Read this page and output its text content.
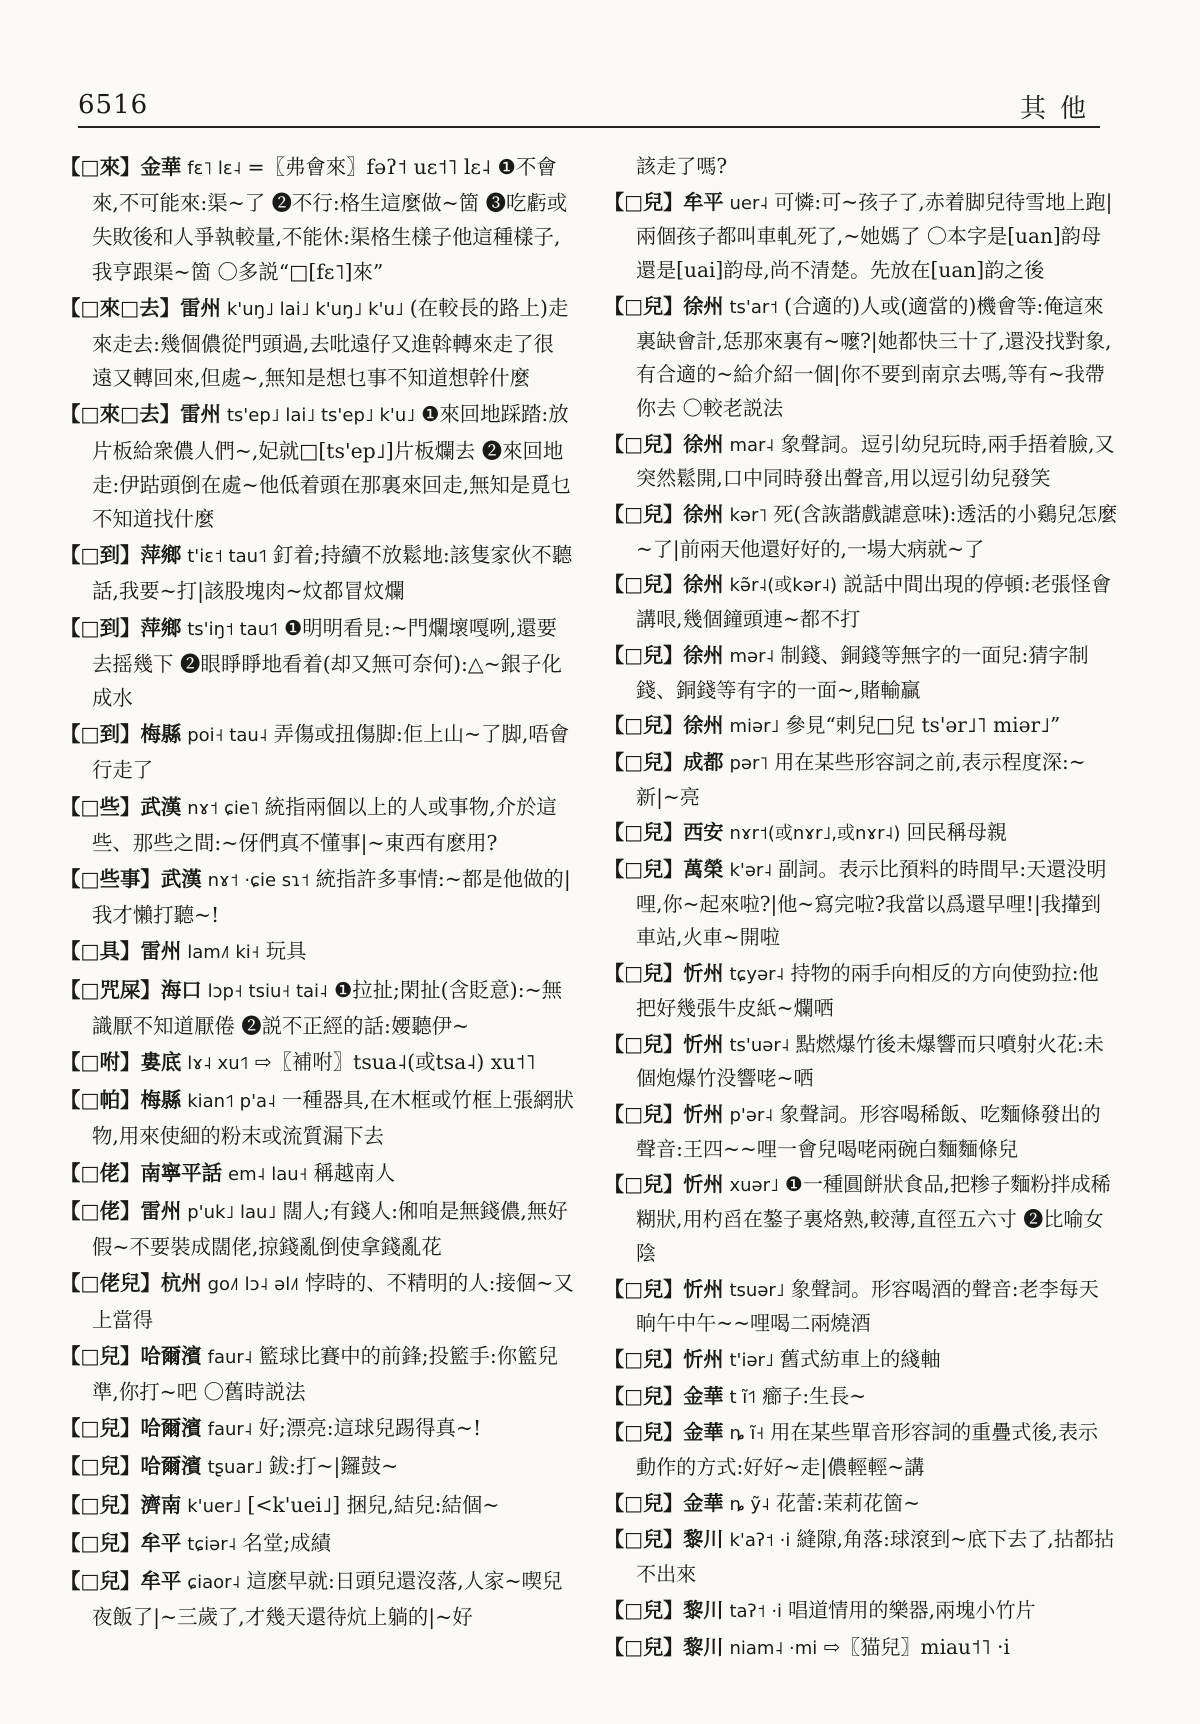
6516	其他

【□來】金華 fɛ˥ lɛ˨ =〖弗會來〗fəʔ˦ uɛ˦˥ lɛ˨ ❶不會來,不可能來:渠~了 ❷不行:格生這麼做~箇 ❸吃虧或失敗後和人爭執較量,不能休:渠格生樣子他這種樣子,我亨跟渠~箇 〇多説“□[fɛ˥]來”

【□來□去】雷州 k'uŋ˩ lai˩ k'uŋ˩ k'u˩ (在較長的路上)走來走去:幾個儂從門頭過,去吡遠仔又進斡轉來走了很遠又轉回來,但處~,無知是想乜事不知道想幹什麼

【□來□去】雷州 ts'ep˩ lai˩ ts'ep˩ k'u˩ ❶來回地踩踏:放片板給衆儂人們~,妃就□[ts'ep˩]片板爛去 ❷來回地走:伊跍頭倒在處~他低着頭在那裏來回走,無知是覓乜不知道找什麼

【□到】萍鄉 t'iɛ˦ tau˦˥ 釘着;持續不放鬆地:該隻家伙不聽話,我要~打|該股塊肉~炆都冒炆爛

【□到】萍鄉 ts'iŋ˦ tau˦˥ ❶明明看見:~門爛壞嘎咧,還要去摇幾下 ❷眼睜睜地看着(却又無可奈何):△~銀子化成水

【□到】梅縣 poi˧ tau˨ 弄傷或扭傷脚:佢上山~了脚,唔會行走了

【□些】武漢 nɤ˦ ɕie˥ 統指兩個以上的人或事物,介於這些、那些之間:~伢們真不懂事|~東西有麽用?

【□些事】武漢 nɤ˦ ·ɕie sɿ˦ 統指許多事情:~都是他做的|我才懶打聽~!

【□具】雷州 lam˩˥ ki˧ 玩具

【□咒屎】海口 lɔp˧ tsiu˧ tai˨ ❶拉扯;閑扯(含貶意):~無識厭不知道厭倦 ❷説不正經的話:婹聽伊~

【□咐】婁底 lɤ˨ xu˦˥ ⇨〖補咐〗tsua˨(或tsa˨) xu˦˥

【□帕】梅縣 kian˦˥ p'a˨ 一種器具,在木框或竹框上張網狀物,用來使細的粉末或流質漏下去

【□佬】南寧平話 em˨ lau˧ 稱越南人

【□佬】雷州 p'uk˩ lau˩ 闊人;有錢人:俰咱是無錢儂,無好假~不要裝成闊佬,掠錢亂倒使拿錢亂花

【□佬兒】杭州 go˩˥ lɔ˨ əl˩˥ 悖時的、不精明的人:接個~又上當得

【□兒】哈爾濱 faur˨ 籃球比賽中的前鋒;投籃手:你籃兒準,你打~吧 〇舊時説法

【□兒】哈爾濱 faur˨ 好;漂亮:這球兒踢得真~!

【□兒】哈爾濱 tʂuar˩ 鈸:打~|鑼鼓~

【□兒】濟南 k'uer˩ [<k'uei˩] 捆兒,結兒:結個~

【□兒】牟平 tɕiər˨ 名堂;成績

【□兒】牟平 ɕiaor˨ 這麽早就:日頭兒還沒落,人家~喫兒夜飯了|~三歲了,才幾天還待炕上躺的|~好

該走了嗎?

【□兒】牟平 uer˨ 可憐:可~孩子了,赤着脚兒待雪地上跑|兩個孩子都叫車軋死了,~她媽了 〇本字是[uan]韵母還是[uai]韵母,尚不清楚。先放在[uan]韵之後

【□兒】徐州 ts'ar˦ (合適的)人或(適當的)機會等:俺這來裏缺會計,恁那來裏有~嚒?|她都快三十了,還没找對象,有合適的~給介紹一個|你不要到南京去嗎,等有~我帶你去 〇較老説法

【□兒】徐州 mar˨ 象聲詞。逗引幼兒玩時,兩手捂着臉,又突然鬆開,口中同時發出聲音,用以逗引幼兒發笑

【□兒】徐州 kər˥ 死(含詼諧戲謔意味):透活的小鷄兒怎麼~了|前兩天他還好好的,一場大病就~了

【□兒】徐州 kə̃r˨(或kər˨) 説話中間出現的停頓:老張怪會講哏,幾個鐘頭連~都不打

【□兒】徐州 mər˨ 制錢、銅錢等無字的一面兒:猜字制錢、銅錢等有字的一面~,賭輸贏

【□兒】徐州 miər˩ 參見“剌兒□兒 ts'ər˩˥ miər˩”

【□兒】成都 pər˥ 用在某些形容詞之前,表示程度深:~新|~亮

【□兒】西安 nɤr˦(或nɤr˩,或nɤr˨) 回民稱母親

【□兒】萬榮 k'ər˨ 副詞。表示比預料的時間早:天還没明哩,你~起來啦?|他~寫完啦?我當以爲還早哩!|我攆到車站,火車~開啦

【□兒】忻州 tɕyər˨ 持物的兩手向相反的方向使勁拉:他把好幾張牛皮紙~爛哂

【□兒】忻州 ts'uər˨ 點燃爆竹後未爆響而只噴射火花:未個炮爆竹没響咾~哂

【□兒】忻州 p'ər˨ 象聲詞。形容喝稀飯、吃麵條發出的聲音:王四~~哩一會兒喝咾兩碗白麵麵條兒

【□兒】忻州 xuər˩ ❶一種圓餅狀食品,把糁子麵粉拌成稀糊狀,用杓舀在鏊子裏烙熟,較薄,直徑五六寸 ❷比喻女陰

【□兒】忻州 tsuər˩ 象聲詞。形容喝酒的聲音:老李每天晌午中午~~哩喝二兩燒酒

【□兒】忻州 t'iər˩ 舊式紡車上的綫軸

【□兒】金華 t ĩ˦˥ 癤子:生長~

【□兒】金華 ȵ ĩ˧ 用在某些單音形容詞的重疊式後,表示動作的方式:好好~走|儂輕輕~講

【□兒】金華 ȵ ỹ˨ 花蕾:茉莉花箇~

【□兒】黎川 k'aʔ˦ ·i 縫隙,角落:球滾到~底下去了,拈都拈不出來

【□兒】黎川 taʔ˦ ·i 唱道情用的樂器,兩塊小竹片

【□兒】黎川 niam˨ ·mi ⇨〖猫兒〗miau˦˥ ·i
